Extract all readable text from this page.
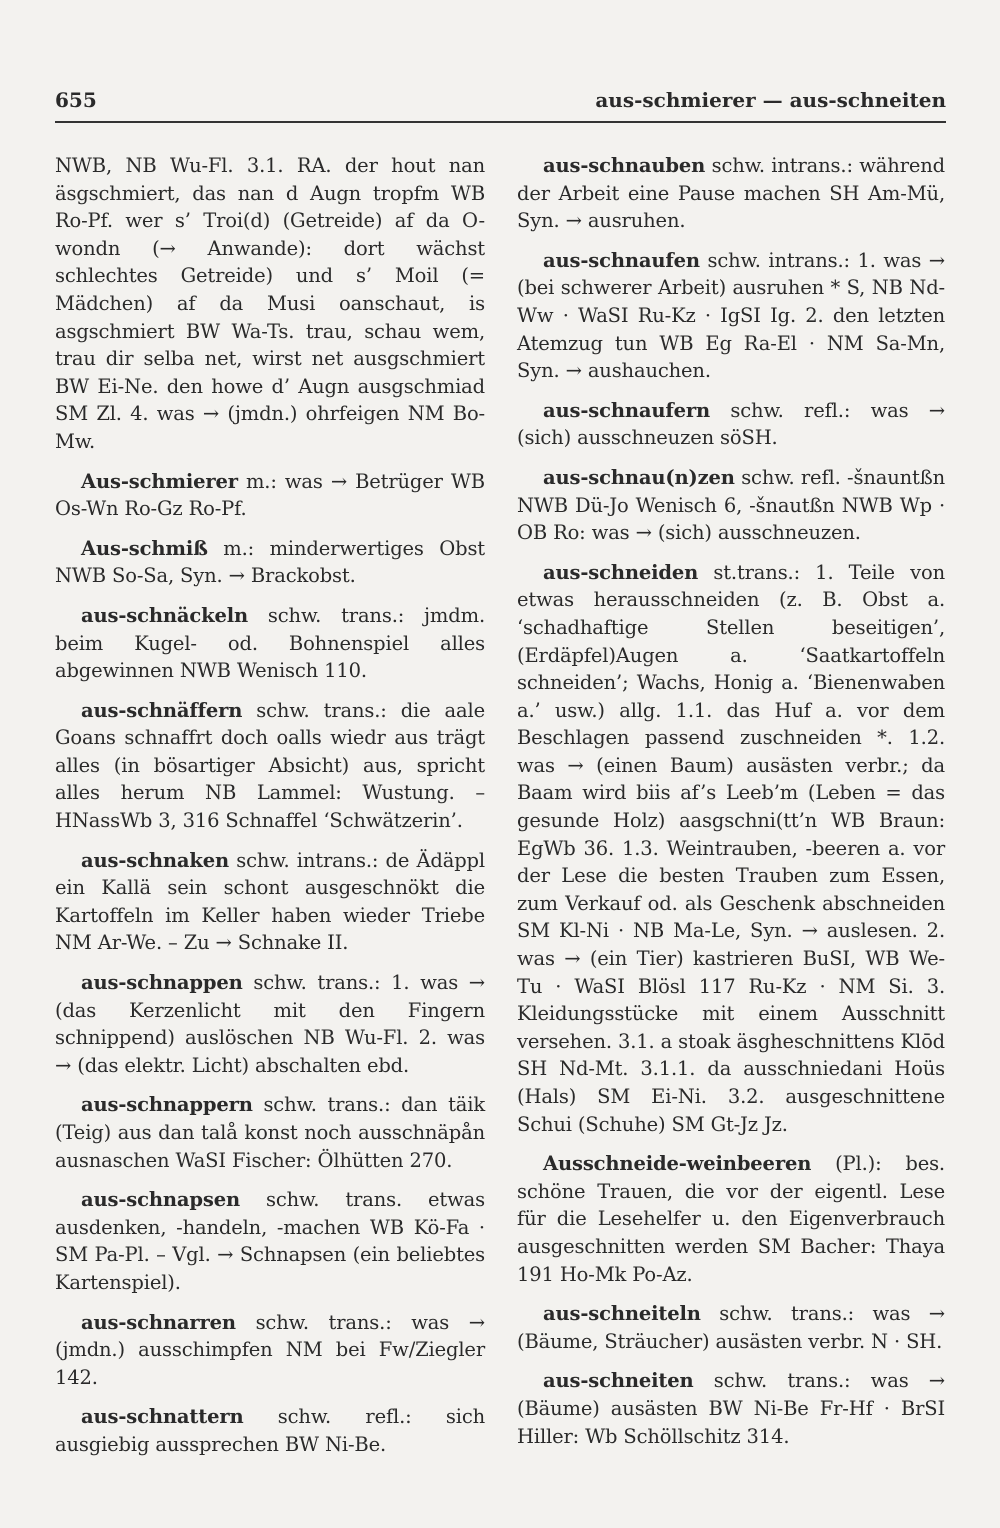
655	aus-schmierer — aus-schneiten

NWB, NB Wu-Fl. 3.1. RA. der hout nan äsgschmiert, das nan d Augn tropfm WB Ro-Pf. wer s’ Troi(d) (Getreide) af da O-wondn (→ Anwande): dort wächst schlechtes Getreide) und s’ Moil (= Mädchen) af da Musi oanschaut, is asgschmiert BW Wa-Ts. trau, schau wem, trau dir selba net, wirst net ausgschmiert BW Ei-Ne. den howe d’ Augn ausgschmiad SM Zl. 4. was → (jmdn.) ohrfeigen NM Bo-Mw.

Aus-schmierer m.: was → Betrüger WB Os-Wn Ro-Gz Ro-Pf.

Aus-schmiß m.: minderwertiges Obst NWB So-Sa, Syn. → Brackobst.

aus-schnäckeln schw. trans.: jmdm. beim Kugel- od. Bohnenspiel alles abgewinnen NWB Wenisch 110.

aus-schnäffern schw. trans.: die aale Goans schnaffrt doch oalls wiedr aus trägt alles (in bösartiger Absicht) aus, spricht alles herum NB Lammel: Wustung. – HNassWb 3, 316 Schnaffel ‘Schwätzerin’.

aus-schnaken schw. intrans.: de Ädäppl ein Kallä sein schont ausgeschnökt die Kartoffeln im Keller haben wieder Triebe NM Ar-We. – Zu → Schnake II.

aus-schnappen schw. trans.: 1. was → (das Kerzenlicht mit den Fingern schnippend) auslöschen NB Wu-Fl. 2. was → (das elektr. Licht) abschalten ebd.

aus-schnappern schw. trans.: dan täik (Teig) aus dan talå konst noch ausschnäpån ausnaschen WaSI Fischer: Ölhütten 270.

aus-schnapsen schw. trans. etwas ausdenken, -handeln, -machen WB Kö-Fa · SM Pa-Pl. – Vgl. → Schnapsen (ein beliebtes Kartenspiel).

aus-schnarren schw. trans.: was → (jmdn.) ausschimpfen NM bei Fw/Ziegler 142.

aus-schnattern schw. refl.: sich ausgiebig aussprechen BW Ni-Be.

aus-schnauben schw. intrans.: während der Arbeit eine Pause machen SH Am-Mü, Syn. → ausruhen.

aus-schnaufen schw. intrans.: 1. was → (bei schwerer Arbeit) ausruhen * S, NB Nd-Ww · WaSI Ru-Kz · IgSI Ig. 2. den letzten Atemzug tun WB Eg Ra-El · NM Sa-Mn, Syn. → aushauchen.

aus-schnaufern schw. refl.: was → (sich) ausschneuzen söSH.

aus-schnau(n)zen schw. refl. -šnauntßn NWB Dü-Jo Wenisch 6, -šnautßn NWB Wp · OB Ro: was → (sich) ausschneuzen.

aus-schneiden st.trans.: 1. Teile von etwas herausschneiden (z. B. Obst a. ‘schadhaftige Stellen beseitigen’, (Erdäpfel)Augen a. ‘Saatkartoffeln schneiden’; Wachs, Honig a. ‘Bienenwaben a.’ usw.) allg. 1.1. das Huf a. vor dem Beschlagen passend zuschneiden *. 1.2. was → (einen Baum) ausästen verbr.; da Baam wird biis af’s Leeb’m (Leben = das gesunde Holz) aasgschni(tt’n WB Braun: EgWb 36. 1.3. Weintrauben, -beeren a. vor der Lese die besten Trauben zum Essen, zum Verkauf od. als Geschenk abschneiden SM Kl-Ni · NB Ma-Le, Syn. → auslesen. 2. was → (ein Tier) kastrieren BuSI, WB We-Tu · WaSI Blösl 117 Ru-Kz · NM Si. 3. Kleidungsstücke mit einem Ausschnitt versehen. 3.1. a stoak äsgheschnittens Klōd SH Nd-Mt. 3.1.1. da ausschniedani Hoüs (Hals) SM Ei-Ni. 3.2. ausgeschnittene Schui (Schuhe) SM Gt-Jz Jz.

Ausschneide-weinbeeren (Pl.): bes. schöne Trauen, die vor der eigentl. Lese für die Lesehelfer u. den Eigenverbrauch ausgeschnitten werden SM Bacher: Thaya 191 Ho-Mk Po-Az.

aus-schneiteln schw. trans.: was → (Bäume, Sträucher) ausästen verbr. N · SH.

aus-schneiten schw. trans.: was → (Bäume) ausästen BW Ni-Be Fr-Hf · BrSI Hiller: Wb Schöllschitz 314.
